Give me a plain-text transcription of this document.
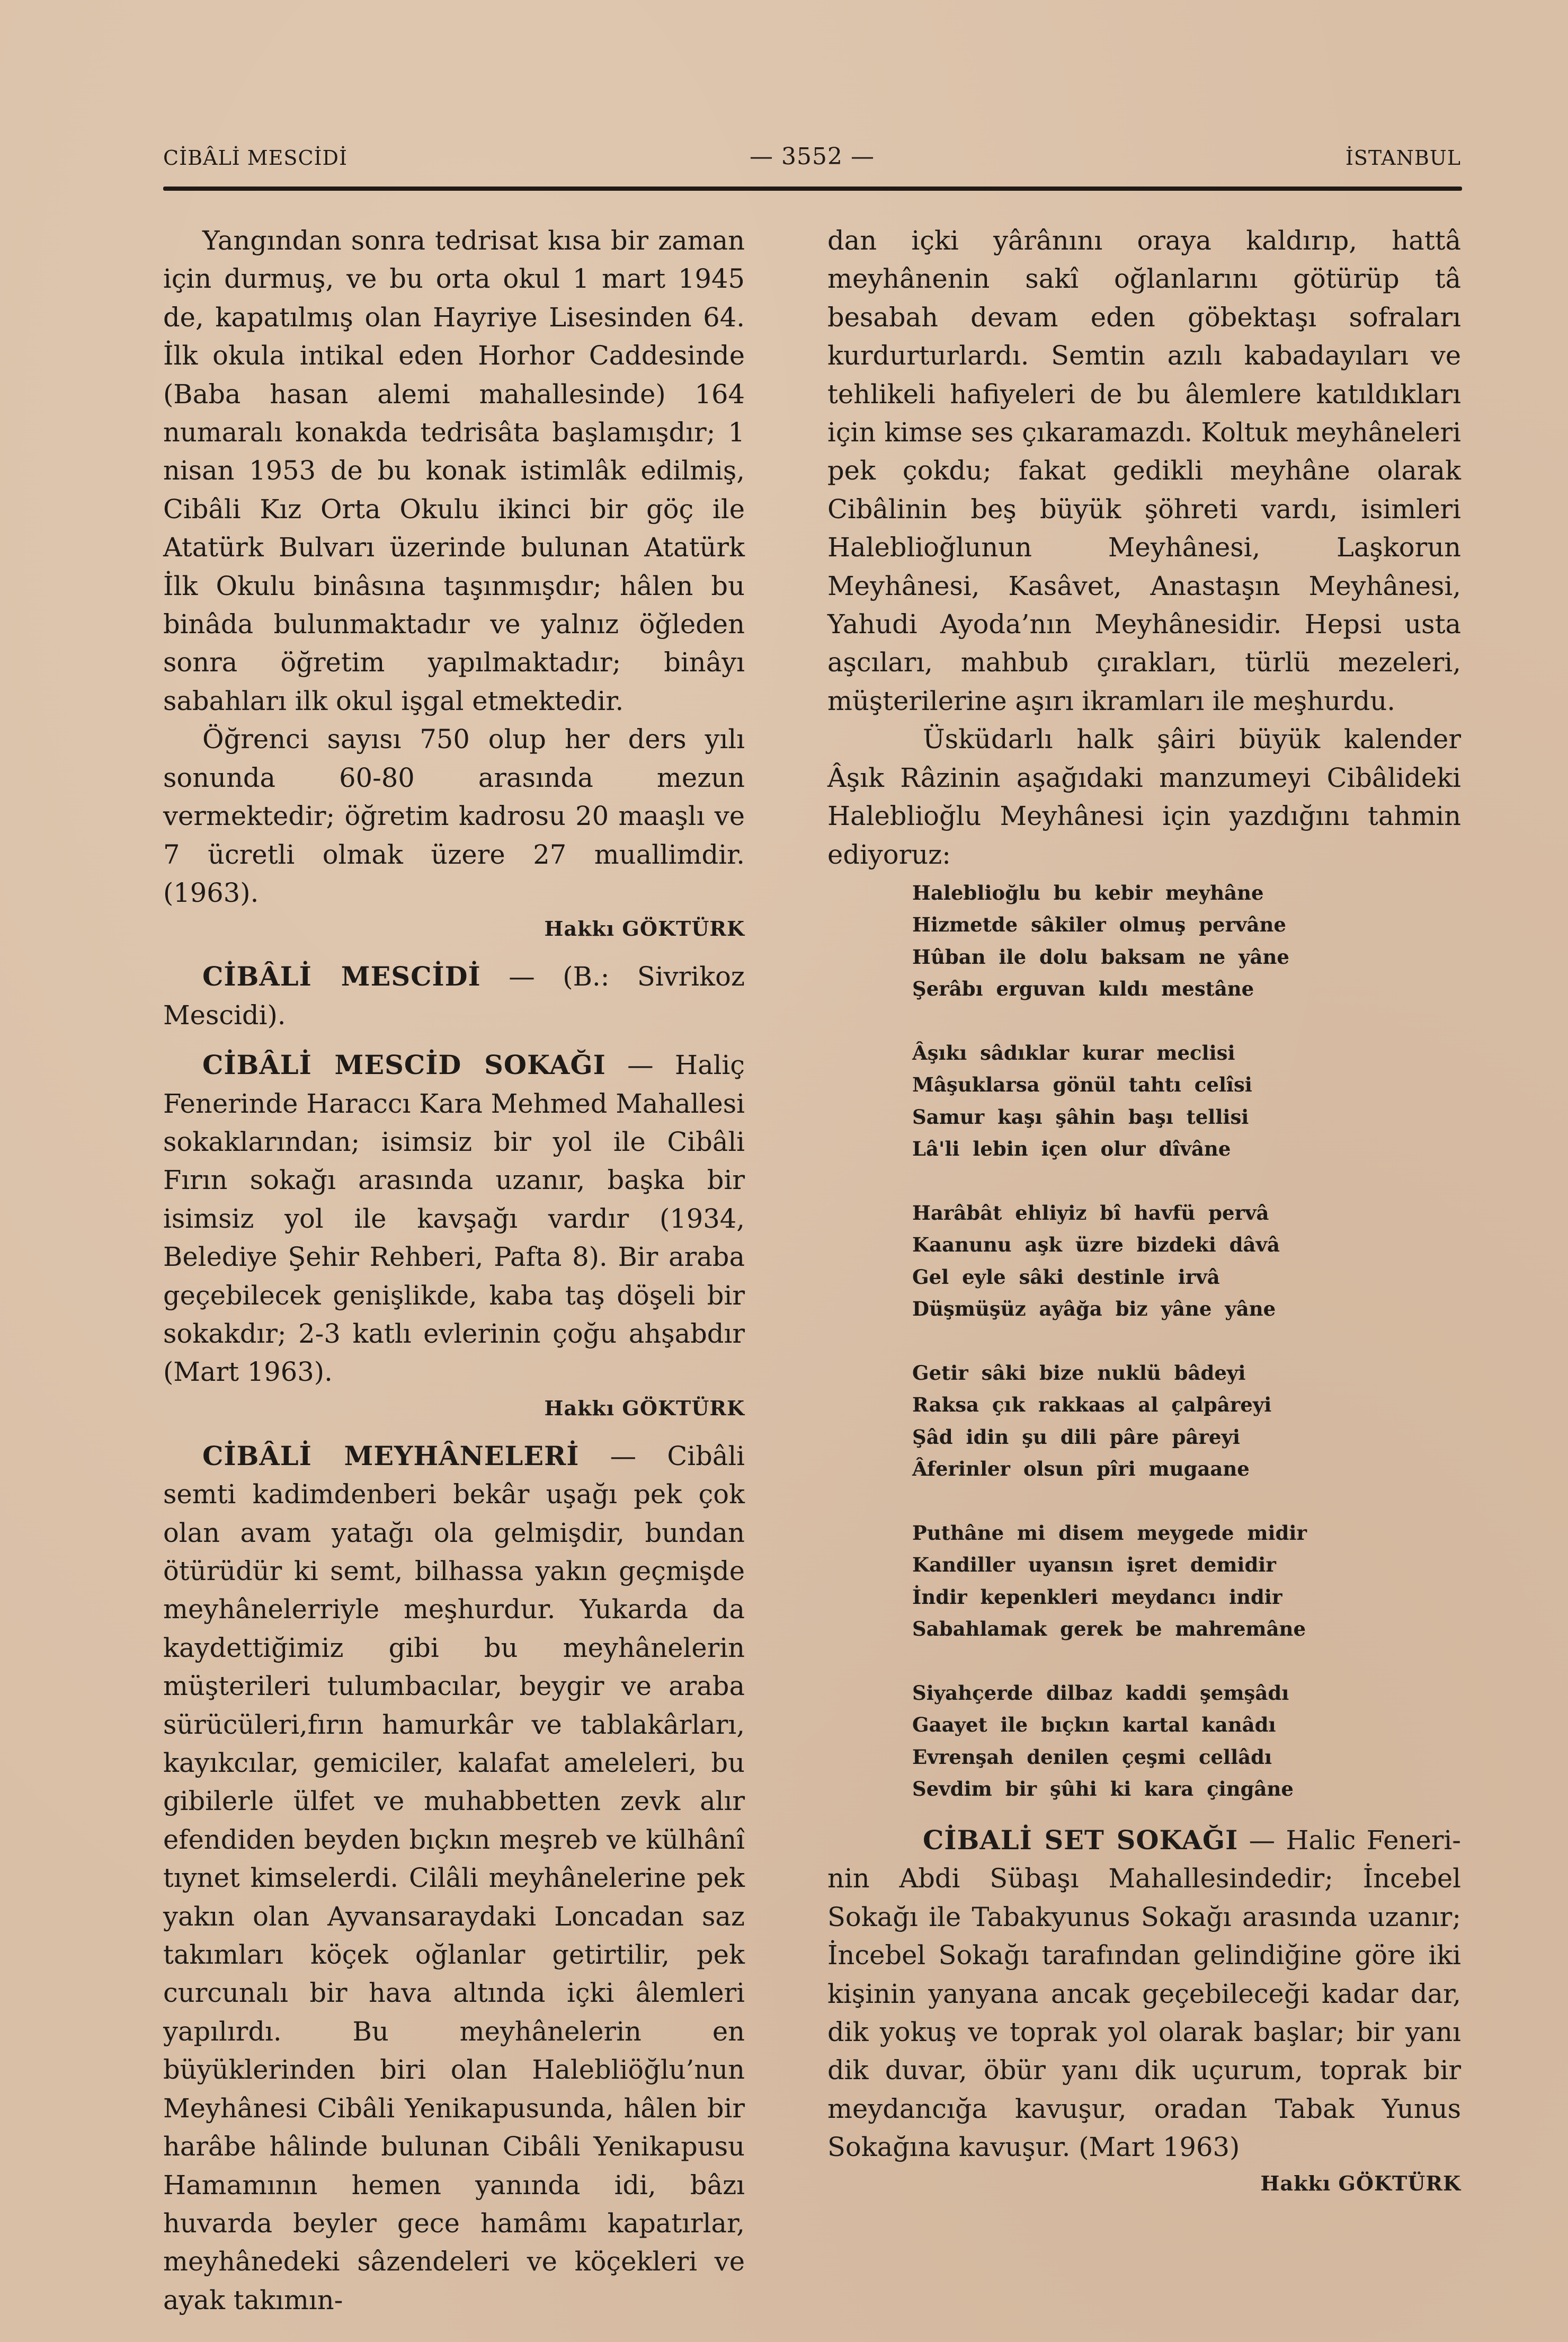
CİBÂLİ MESCİDİ	— 3552 —	İSTANBUL

Yangından sonra tedrisat kısa bir zaman için durmuş, ve bu orta okul 1 mart 1945 de, kapatılmış olan Hayriye Lisesinden 64. İlk okula intikal eden Horhor Caddesinde (Baba hasan alemi mahallesinde) 164 numaralı konakda tedrisâta başlamışdır; 1 nisan 1953 de bu konak istimlâk edilmiş, Cibâli Kız Orta Okulu ikinci bir göç ile Atatürk Bulvarı üzerinde bulunan Atatürk İlk Okulu binâsına taşınmışdır; hâlen bu binâda bulunmaktadır ve yalnız öğleden sonra öğretim yapılmaktadır; binâyı sabahları ilk okul işgal etmektedir.

Öğrenci sayısı 750 olup her ders yılı sonunda 60-80 arasında mezun vermektedir; öğretim kadrosu 20 maaşlı ve 7 ücretli olmak üzere 27 muallimdir. (1963).

Hakkı GÖKTÜRK

CİBÂLİ MESCİDİ — (B.: Sivrikoz Mescidi).

CİBÂLİ MESCİD SOKAĞI — Haliç Fenerinde Haraccı Kara Mehmed Mahallesi sokaklarından; isimsiz bir yol ile Cibâli Fırın sokağı arasında uzanır, başka bir isimsiz yol ile kavşağı vardır (1934, Belediye Şehir Rehberi, Pafta 8). Bir araba geçebilecek genişlikde, kaba taş döşeli bir sokakdır; 2-3 katlı evlerinin çoğu ahşabdır (Mart 1963).

Hakkı GÖKTÜRK

CİBÂLİ MEYHÂNELERİ — Cibâli semti kadimdenberi bekâr uşağı pek çok olan avam yatağı ola gelmişdir, bundan ötürüdür ki semt, bilhassa yakın geçmişde meyhânelerriyle meşhurdur. Yukarda da kaydettiğimiz gibi bu meyhânelerin müşterileri tulumbacılar, beygir ve araba sürücüleri,fırın hamurkâr ve tablakârları, kayıkcılar, gemiciler, kalafat ameleleri, bu gibilerle ülfet ve muhabbetten zevk alır efendiden beyden bıçkın meşreb ve külhânî tıynet kimselerdi. Cilâli meyhânelerine pek yakın olan Ayvansaraydaki Loncadan saz takımları köçek oğlanlar getirtilir, pek curcunalı bir hava altında içki âlemleri yapılırdı. Bu meyhânelerin en büyüklerinden biri olan Halebliöğlu’nun Meyhânesi Cibâli Yenikapusunda, hâlen bir harâbe hâlinde bulunan Cibâli Yenikapusu Hamamının hemen yanında idi, bâzı huvarda beyler gece hamâmı kapatırlar, meyhânedeki sâzendeleri ve köçekleri ve ayak takımın-

dan içki yârânını oraya kaldırıp, hattâ meyhânenin sakî oğlanlarını götürüp tâ besabah devam eden göbektaşı sofraları kurdurturlardı. Semtin azılı kabadayıları ve tehlikeli hafiyeleri de bu âlemlere katıldıkları için kimse ses çıkaramazdı. Koltuk meyhâneleri pek çokdu; fakat gedikli meyhâne olarak Cibâlinin beş büyük şöhreti vardı, isimleri Haleblioğlunun Meyhânesi, Laşkorun Meyhânesi, Kasâvet, Anastaşın Meyhânesi, Yahudi Ayoda’nın Meyhânesidir. Hepsi usta aşcıları, mahbub çırakları, türlü mezeleri, müşterilerine aşırı ikramları ile meşhurdu.

Üsküdarlı halk şâiri büyük kalender Âşık Râzinin aşağıdaki manzumeyi Cibâlideki Haleblioğlu Meyhânesi için yazdığını tahmin ediyoruz:

Haleblioğlu bu kebir meyhâne
Hizmetde sâkiler olmuş pervâne
Hûban ile dolu baksam ne yâne
Şerâbı erguvan kıldı mestâne
Âşıkı sâdıklar kurar meclisi
Mâşuklarsa gönül tahtı celîsi
Samur kaşı şâhin başı tellisi
Lâ'li lebin içen olur dîvâne
Harâbât ehliyiz bî havfü pervâ
Kaanunu aşk üzre bizdeki dâvâ
Gel eyle sâki destinle irvâ
Düşmüşüz ayâğa biz yâne yâne
Getir sâki bize nuklü bâdeyi
Raksa çık rakkaas al çalpâreyi
Şâd idin şu dili pâre pâreyi
Âferinler olsun pîri mugaane
Puthâne mi disem meygede midir
Kandiller uyansın işret demidir
İndir kepenkleri meydancı indir
Sabahlamak gerek be mahremâne
Siyahçerde dilbaz kaddi şemşâdı
Gaayet ile bıçkın kartal kanâdı
Evrenşah denilen çeşmi cellâdı
Sevdim bir şûhi ki kara çingâne

CİBALİ SET SOKAĞI — Halic Fenerinin Abdi Sübaşı Mahallesindedir; İncebel Sokağı ile Tabakyunus Sokağı arasında uzanır; İncebel Sokağı tarafından gelindiğine göre iki kişinin yanyana ancak geçebileceği kadar dar, dik yokuş ve toprak yol olarak başlar; bir yanı dik duvar, öbür yanı dik uçurum, toprak bir meydancığa kavuşur, oradan Tabak Yunus Sokağına kavuşur. (Mart 1963)

Hakkı GÖKTÜRK
